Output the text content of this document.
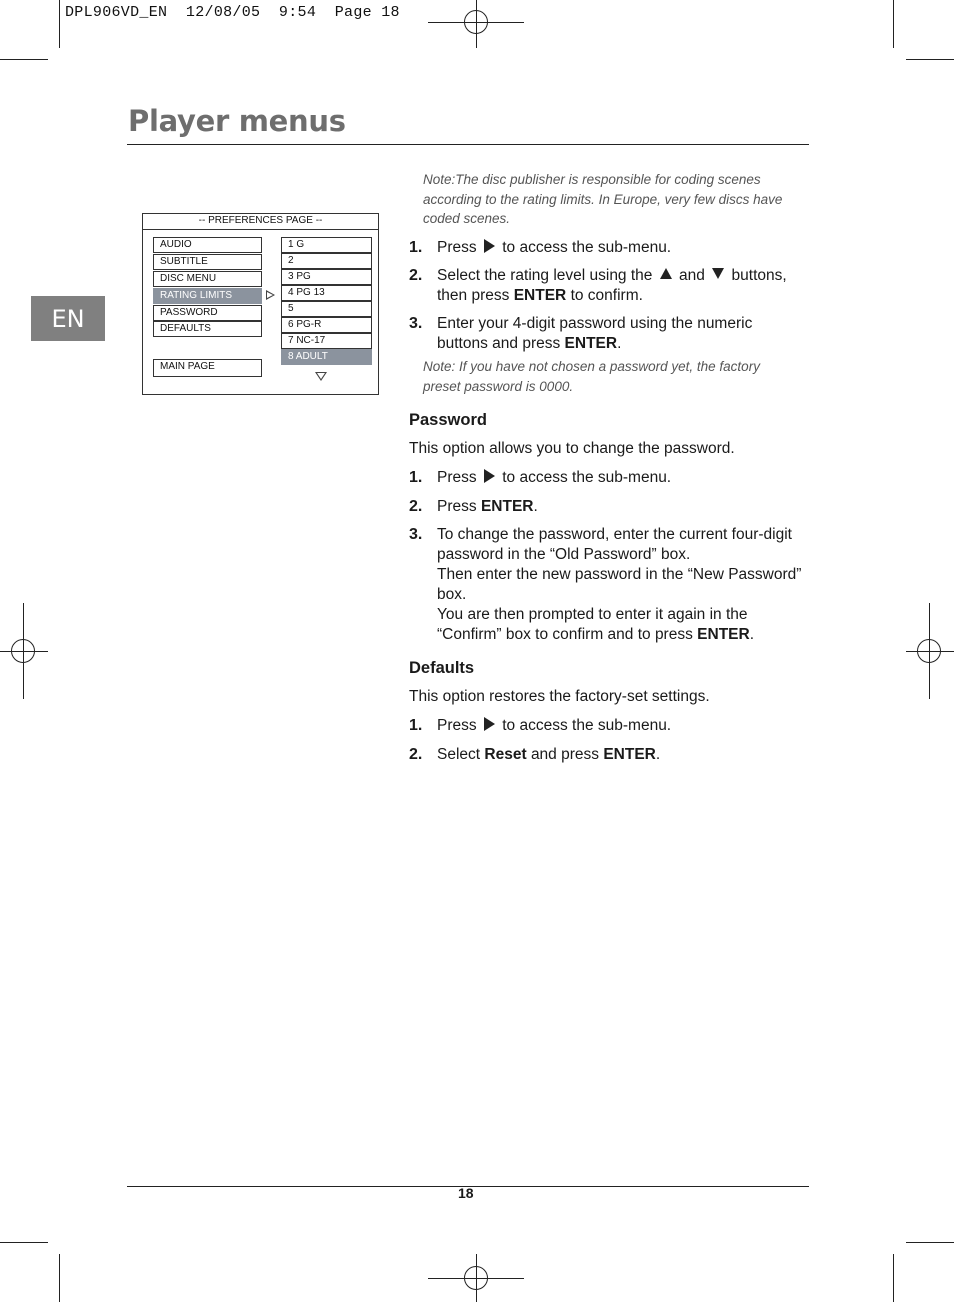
DPL906VD_EN  12/08/05  9:54  Page 18
Player menus
EN
-- PREFERENCES PAGE --
AUDIO
SUBTITLE
DISC MENU
RATING LIMITS
PASSWORD
DEFAULTS
MAIN PAGE
1 G
2
3 PG
4 PG 13
5
6 PG-R
7 NC-17
8 ADULT
Note:The disc publisher is responsible for coding scenes according to the rating limits. In Europe, very few discs have coded scenes.
1. Press to access the sub-menu.
2. Select the rating level using the and buttons,
then press ENTER to confirm.
3. Enter your 4-digit password using the numeric
buttons and press ENTER.
Note: If you have not chosen a password yet, the factory preset password is 0000.
Password
This option allows you to change the password.
1. Press to access the sub-menu.
2. Press ENTER.
3. To change the password, enter the current four-digit
password in the “Old Password” box.
Then enter the new password in the “New Password”
box.
You are then prompted to enter it again in the
“Confirm” box to confirm and to press ENTER.
Defaults
This option restores the factory-set settings.
1. Press to access the sub-menu.
2. Select Reset and press ENTER.
18
